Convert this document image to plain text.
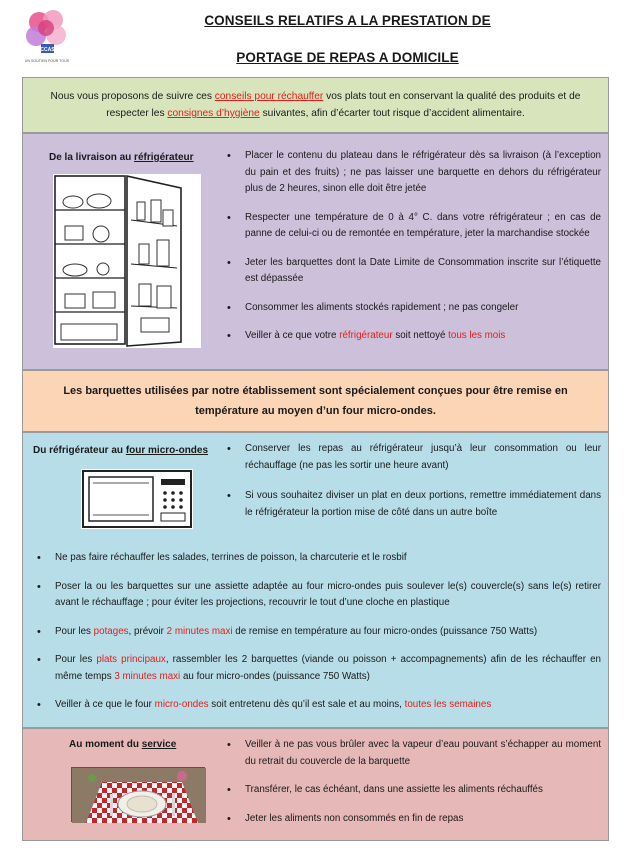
CCAS
UN SOUTIEN POUR TOUS
CONSEILS RELATIFS A LA PRESTATION DE
PORTAGE DE REPAS A DOMICILE
Nous vous proposons de suivre ces conseils pour réchauffer vos plats tout en conservant la qualité des produits et de respecter les consignes d’hygiène suivantes, afin d’écarter tout risque d’accident alimentaire.
De la livraison au réfrigérateur	• Placer le contenu du plateau dans le réfrigérateur dès sa livraison (à l’exception du pain et des fruits) ; ne pas laisser une barquette en dehors du réfrigérateur plus de 2 heures, sinon elle doit être jetée
• Respecter une température de 0 à 4° C. dans votre réfrigérateur ; en cas de panne de celui-ci ou de remontée en température, jeter la marchandise stockée
• Jeter les barquettes dont la Date Limite de Consommation inscrite sur l’étiquette est dépassée
• Consommer les aliments stockés rapidement ; ne pas congeler
• Veiller à ce que votre réfrigérateur soit nettoyé tous les mois
Les barquettes utilisées par notre établissement sont spécialement conçues pour être remise en température au moyen d’un four micro-ondes.
Du réfrigérateur au four micro-ondes	• Conserver les repas au réfrigérateur jusqu’à leur consommation ou leur réchauffage (ne pas les sortir une heure avant)
• Si vous souhaitez diviser un plat en deux portions, remettre immédiatement dans le réfrigérateur la portion mise de côté dans un autre boîte
• Ne pas faire réchauffer les salades, terrines de poisson, la charcuterie et le rosbif
• Poser la ou les barquettes sur une assiette adaptée au four micro-ondes puis soulever le(s) couvercle(s) sans le(s) retirer avant le réchauffage ; pour éviter les projections, recouvrir le tout d’une cloche en plastique
• Pour les potages, prévoir 2 minutes maxi de remise en température au four micro-ondes (puissance 750 Watts)
• Pour les plats principaux, rassembler les 2 barquettes (viande ou poisson + accompagnements) afin de les réchauffer en même temps 3 minutes maxi au four micro-ondes (puissance 750 Watts)
• Veiller à ce que le four micro-ondes soit entretenu dès qu’il est sale et au moins, toutes les semaines
Au moment du service	• Veiller à ne pas vous brûler avec la vapeur d’eau pouvant s’échapper au moment du retrait du couvercle de la barquette
• Transférer, le cas échéant, dans une assiette les aliments réchauffés
• Jeter les aliments non consommés en fin de repas
